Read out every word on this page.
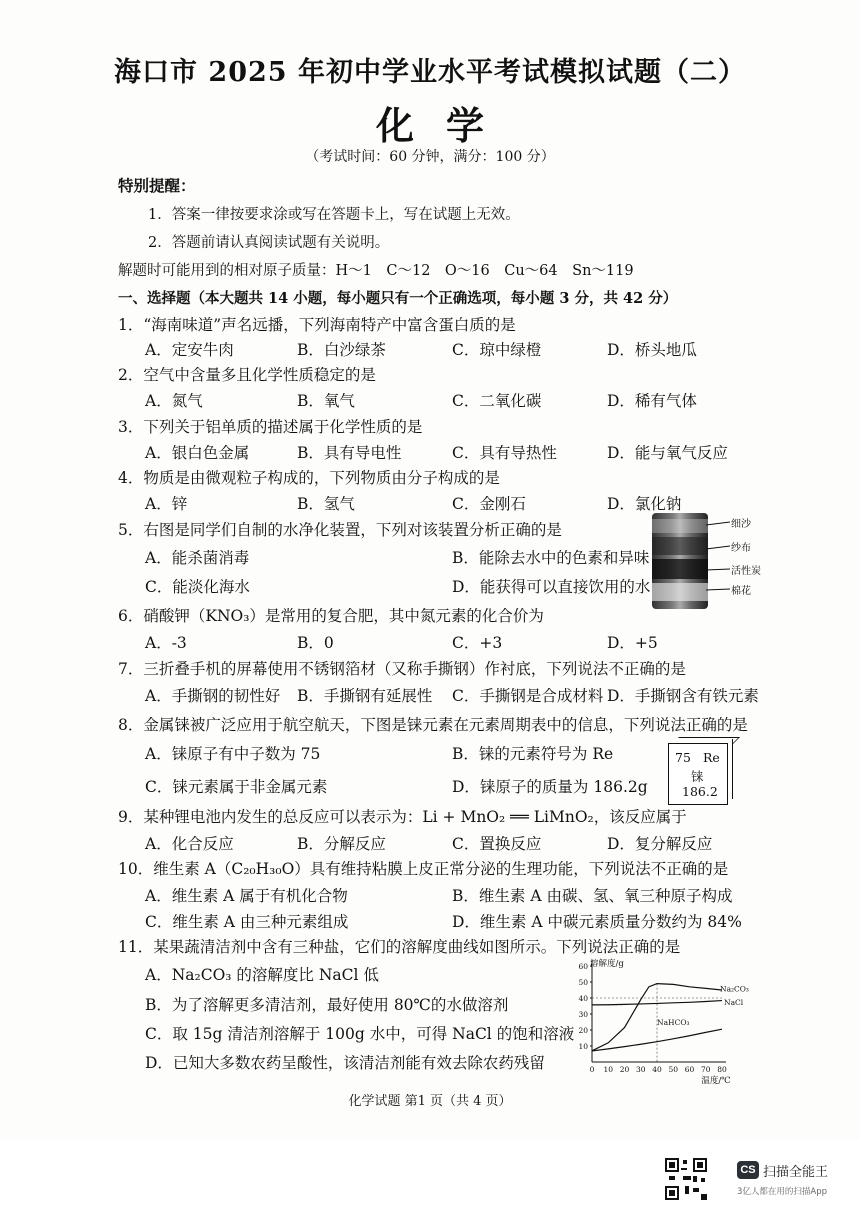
海口市 2025 年初中学业水平考试模拟试题（二）
化学
（考试时间：60 分钟，满分：100 分）
特别提醒：
1．答案一律按要求涂或写在答题卡上，写在试题上无效。
2．答题前请认真阅读试题有关说明。
解题时可能用到的相对原子质量：H～1　C～12　O～16　Cu～64　Sn～119
一、选择题（本大题共 14 小题，每小题只有一个正确选项，每小题 3 分，共 42 分）
1．“海南味道”声名远播，下列海南特产中富含蛋白质的是
A．定安牛肉	B．白沙绿茶	C．琼中绿橙	D．桥头地瓜
2．空气中含量多且化学性质稳定的是
A．氮气	B．氧气	C．二氧化碳	D．稀有气体
3．下列关于铝单质的描述属于化学性质的是
A．银白色金属	B．具有导电性	C．具有导热性	D．能与氧气反应
4．物质是由微观粒子构成的，下列物质由分子构成的是
A．锌	B．氢气	C．金刚石	D．氯化钠
5．右图是同学们自制的水净化装置，下列对该装置分析正确的是
A．能杀菌消毒	B．能除去水中的色素和异味
C．能淡化海水	D．能获得可以直接饮用的水
细沙
纱布
活性炭
棉花
6．硝酸钾（KNO₃）是常用的复合肥，其中氮元素的化合价为
A．-3	B．0	C．+3	D．+5
7．三折叠手机的屏幕使用不锈钢箔材（又称手撕钢）作衬底，下列说法不正确的是
A．手撕钢的韧性好 B．手撕钢有延展性 C．手撕钢是合成材料 D．手撕钢含有铁元素
8．金属铼被广泛应用于航空航天，下图是铼元素在元素周期表中的信息，下列说法正确的是
A．铼原子有中子数为 75	B．铼的元素符号为 Re
C．铼元素属于非金属元素	D．铼原子的质量为 186.2g
75 Re
铼
186.2
9．某种锂电池内发生的总反应可以表示为：Li + MnO₂ ══ LiMnO₂，该反应属于
A．化合反应	B．分解反应	C．置换反应	D．复分解反应
10．维生素 A（C₂₀H₃₀O）具有维持粘膜上皮正常分泌的生理功能，下列说法不正确的是
A．维生素 A 属于有机化合物	B．维生素 A 由碳、氢、氧三种原子构成
C．维生素 A 由三种元素组成	D．维生素 A 中碳元素质量分数约为 84%
11．某果蔬清洁剂中含有三种盐，它们的溶解度曲线如图所示。下列说法正确的是
A．Na₂CO₃ 的溶解度比 NaCl 低
B．为了溶解更多清洁剂，最好使用 80℃的水做溶剂
C．取 15g 清洁剂溶解于 100g 水中，可得 NaCl 的饱和溶液
D．已知大多数农药呈酸性，该清洁剂能有效去除农药残留	0 10 20 30 40 50 60 70 80
10
20
30
40
50
60 溶解度/g
温度/℃
Na₂CO₃
NaCl
NaHCO₃
化学试题 第1 页（共 4 页）
CS 扫描全能王
3亿人都在用的扫描App
